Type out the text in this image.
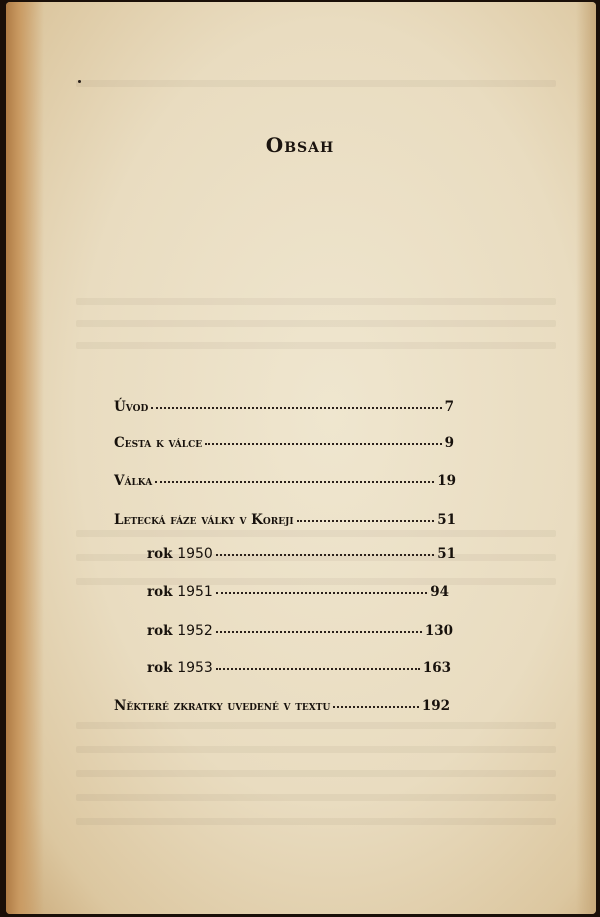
Obsah
Úvod	7
Cesta k válce	9
Válka	19
Letecká fáze války v Koreji	51
rok 1950	51
rok 1951	94
rok 1952	130
rok 1953	163
Některé zkratky uvedené v textu	192
